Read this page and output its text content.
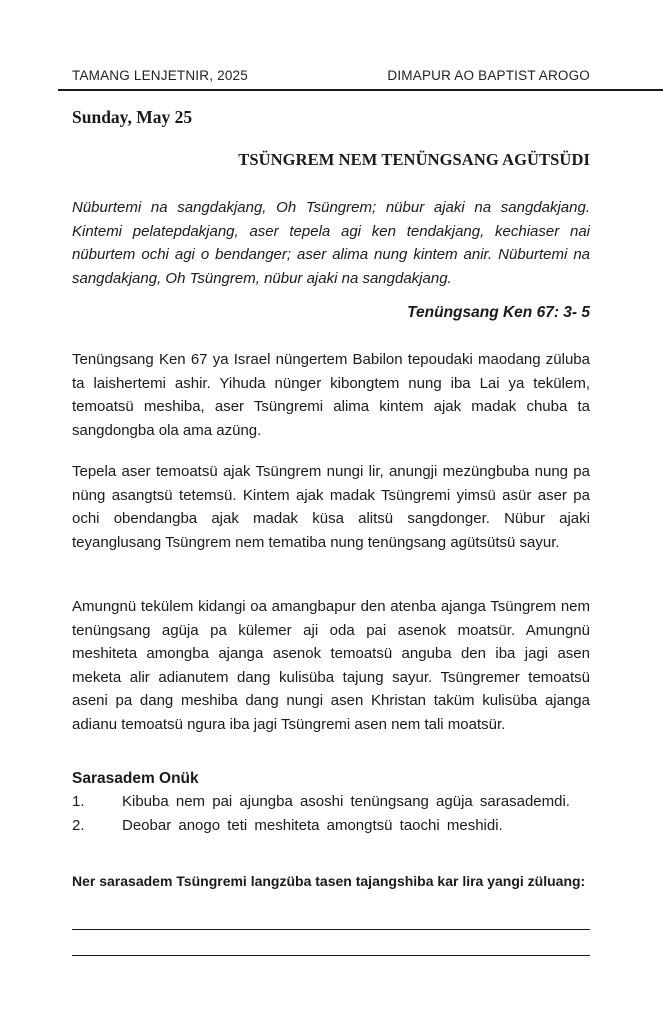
TAMANG LENJETNIR, 2025	DIMAPUR AO BAPTIST AROGO
Sunday, May 25
TSÜNGREM NEM TENÜNGSANG AGÜTSÜDI
Nüburtemi na sangdakjang, Oh Tsüngrem; nübur ajaki na sangdakjang. Kintemi pelatepdakjang, aser tepela agi ken tendakjang, kechiaser nai nüburtem ochi agi o bendanger; aser alima nung kintem anir. Nüburtemi na sangdakjang, Oh Tsüngrem, nübur ajaki na sangdakjang.
Tenüngsang Ken 67: 3- 5

Tenüngsang Ken 67 ya Israel nüngertem Babilon tepoudaki maodang züluba ta laishertemi ashir. Yihuda nünger kibongtem nung iba Lai ya tekülem, temoatsü meshiba, aser Tsüngremi alima kintem ajak madak chuba ta sangdongba ola ama azüng.

Tepela aser temoatsü ajak Tsüngrem nungi lir, anungji mezüngbuba nung pa nüng asangtsü tetemsü. Kintem ajak madak Tsüngremi yimsü asür aser pa ochi obendangba ajak madak küsa alitsü sangdonger. Nübur ajaki teyanglusang Tsüngrem nem tematiba nung tenüngsang agütsütsü sayur.

Amungnü tekülem kidangi oa amangbapur den atenba ajanga Tsüngrem nem tenüngsang agüja pa külemer aji oda pai asenok moatsür. Amungnü meshiteta amongba ajanga asenok temoatsü anguba den iba jagi asen meketa alir adianutem dang kulisüba tajung sayur. Tsüngremer temoatsü aseni pa dang meshiba dang nungi asen Khristan taküm kulisüba ajanga adianu temoatsü ngura iba jagi Tsüngremi asen nem tali moatsür.

Sarasadem Onük
1. Kibuba nem pai ajungba asoshi tenüngsang agüja sarasademdi.
2. Deobar anogo teti meshiteta amongtsü taochi meshidi.
Ner sarasadem Tsüngremi langzüba tasen tajangshiba kar lira yangi züluang:
